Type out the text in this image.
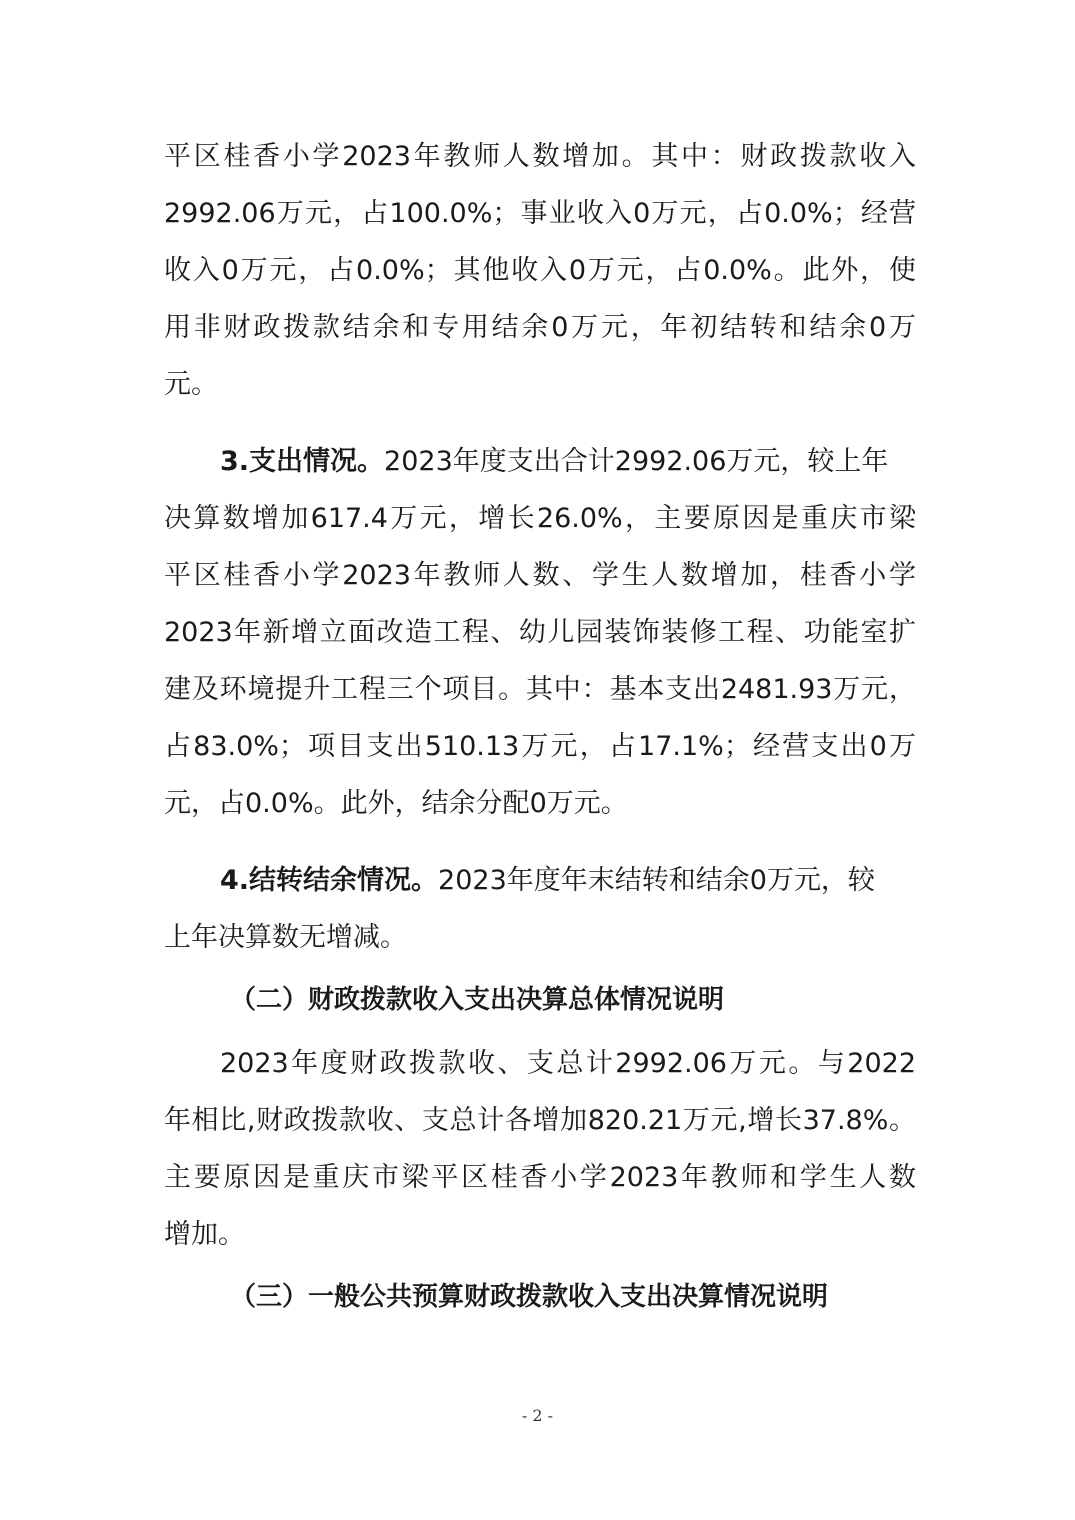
平区桂香小学2023年教师人数增加。其中：财政拨款收入
2992.06万元，占100.0%；事业收入0万元，占0.0%；经营
收入0万元，占0.0%；其他收入0万元，占0.0%。此外，使
用非财政拨款结余和专用结余0万元，年初结转和结余0万
元。
3.支出情况。2023年度支出合计2992.06万元，较上年
决算数增加617.4万元，增长26.0%，主要原因是重庆市梁
平区桂香小学2023年教师人数、学生人数增加，桂香小学
2023年新增立面改造工程、幼儿园装饰装修工程、功能室扩
建及环境提升工程三个项目。其中：基本支出2481.93万元，
占83.0%；项目支出510.13万元，占17.1%；经营支出0万
元，占0.0%。此外，结余分配0万元。
4.结转结余情况。2023年度年末结转和结余0万元，较
上年决算数无增减。
（二）财政拨款收入支出决算总体情况说明
2023年度财政拨款收、支总计2992.06万元。与2022
年相比,财政拨款收、支总计各增加820.21万元,增长37.8%。
主要原因是重庆市梁平区桂香小学2023年教师和学生人数
增加。
（三）一般公共预算财政拨款收入支出决算情况说明
- 2 -
